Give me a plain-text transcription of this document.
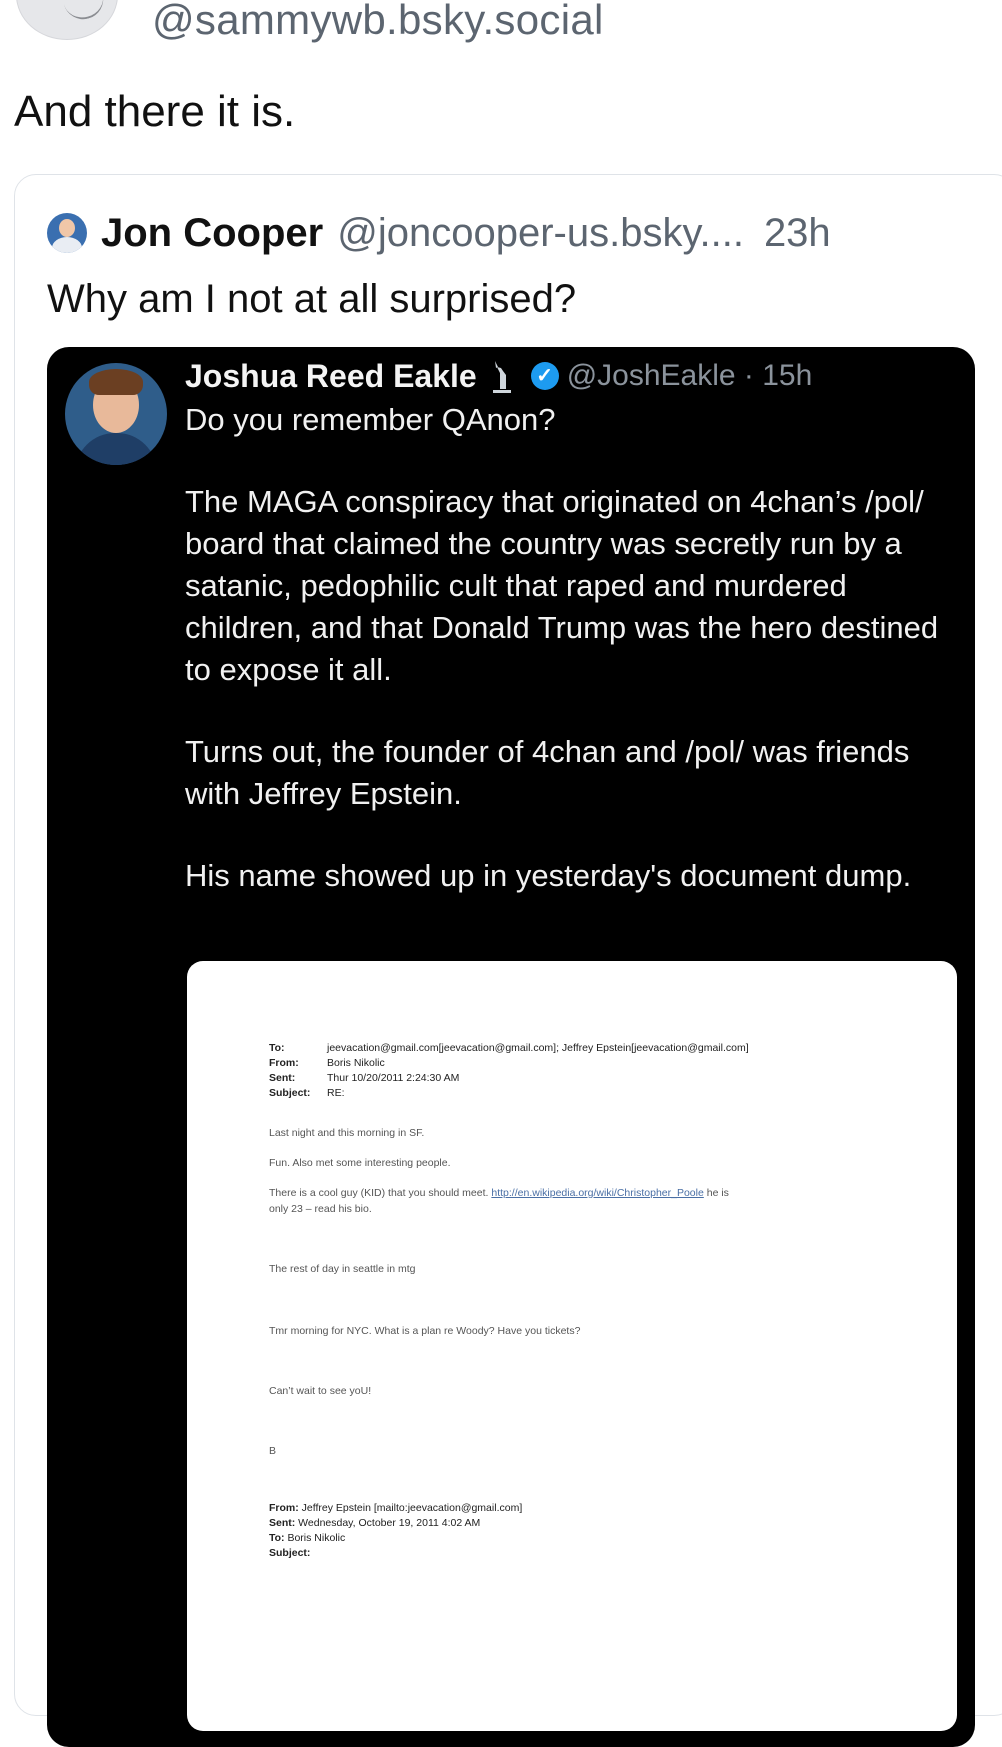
@sammywb.bsky.social
And there it is.
Jon Cooper @joncooper-us.bsky.... 23h
Why am I not at all surprised?
Joshua Reed Eakle	✓ @JoshEakle · 15h

Do you remember QAnon?

The MAGA conspiracy that originated on 4chan’s /pol/ board that claimed the country was secretly run by a satanic, pedophilic cult that raped and murdered children, and that Donald Trump was the hero destined to expose it all.

Turns out, the founder of 4chan and /pol/ was friends with Jeffrey Epstein.

His name showed up in yesterday's document dump.

To:	jeevacation@gmail.com[jeevacation@gmail.com]; Jeffrey Epstein[jeevacation@gmail.com]
From:	Boris Nikolic
Sent:	Thur 10/20/2011 2:24:30 AM
Subject:	RE:
Last night and this morning in SF.
Fun. Also met some interesting people.
There is a cool guy (KID) that you should meet. http://en.wikipedia.org/wiki/Christopher_Poole he is
only 23 – read his bio.
The rest of day in seattle in mtg
Tmr morning for NYC. What is a plan re Woody? Have you tickets?
Can’t wait to see yoU!
B
From: Jeffrey Epstein [mailto:jeevacation@gmail.com]
Sent: Wednesday, October 19, 2011 4:02 AM
To: Boris Nikolic
Subject:
